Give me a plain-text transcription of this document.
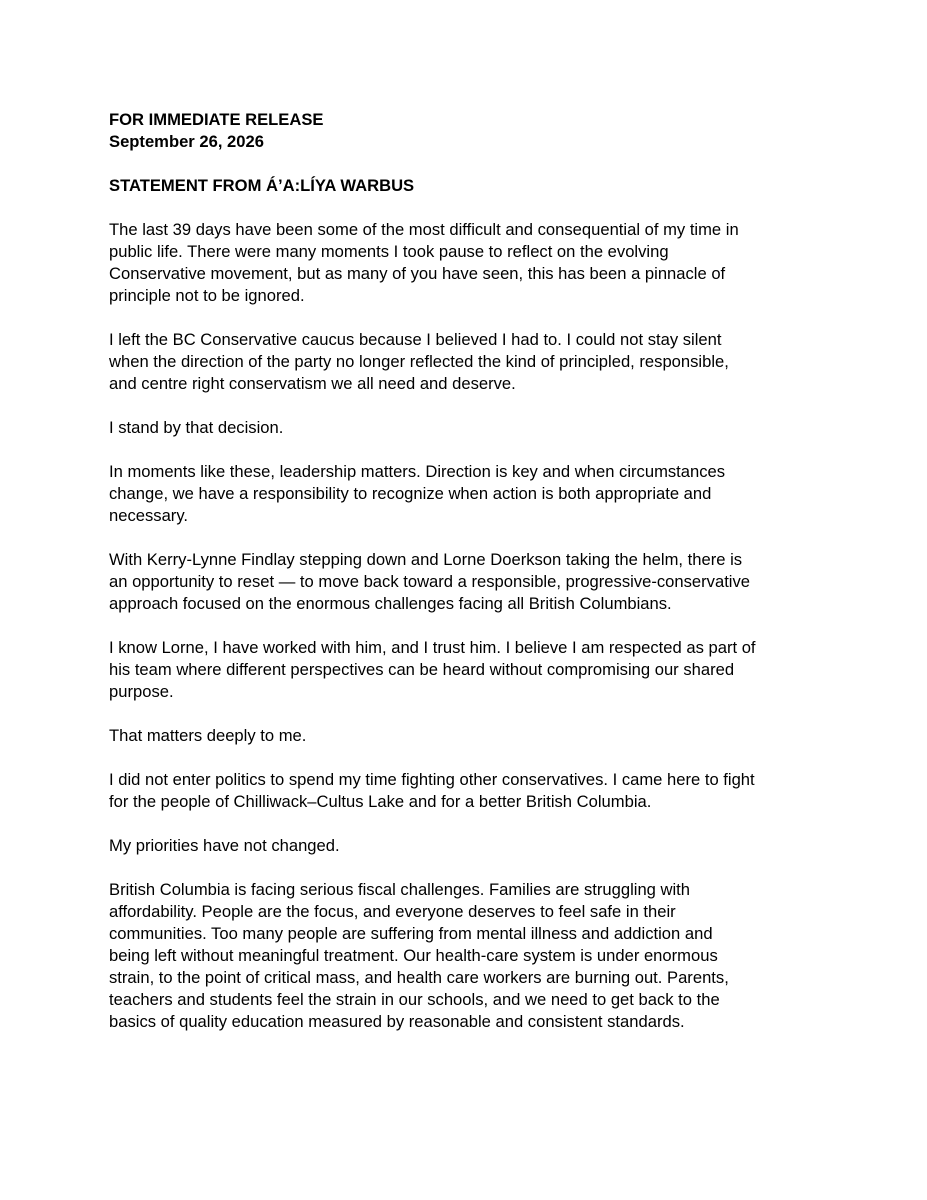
FOR IMMEDIATE RELEASE
September 26, 2026
STATEMENT FROM Á’A:LÍYA WARBUS

The last 39 days have been some of the most difficult and consequential of my time in
public life. There were many moments I took pause to reflect on the evolving
Conservative movement, but as many of you have seen, this has been a pinnacle of
principle not to be ignored.

I left the BC Conservative caucus because I believed I had to. I could not stay silent
when the direction of the party no longer reflected the kind of principled, responsible,
and centre right conservatism we all need and deserve.

I stand by that decision.

In moments like these, leadership matters. Direction is key and when circumstances
change, we have a responsibility to recognize when action is both appropriate and
necessary.

With Kerry-Lynne Findlay stepping down and Lorne Doerkson taking the helm, there is
an opportunity to reset — to move back toward a responsible, progressive-conservative
approach focused on the enormous challenges facing all British Columbians.

I know Lorne, I have worked with him, and I trust him. I believe I am respected as part of
his team where different perspectives can be heard without compromising our shared
purpose.

That matters deeply to me.

I did not enter politics to spend my time fighting other conservatives. I came here to fight
for the people of Chilliwack–Cultus Lake and for a better British Columbia.

My priorities have not changed.

British Columbia is facing serious fiscal challenges. Families are struggling with
affordability. People are the focus, and everyone deserves to feel safe in their
communities. Too many people are suffering from mental illness and addiction and
being left without meaningful treatment. Our health-care system is under enormous
strain, to the point of critical mass, and health care workers are burning out. Parents,
teachers and students feel the strain in our schools, and we need to get back to the
basics of quality education measured by reasonable and consistent standards.
